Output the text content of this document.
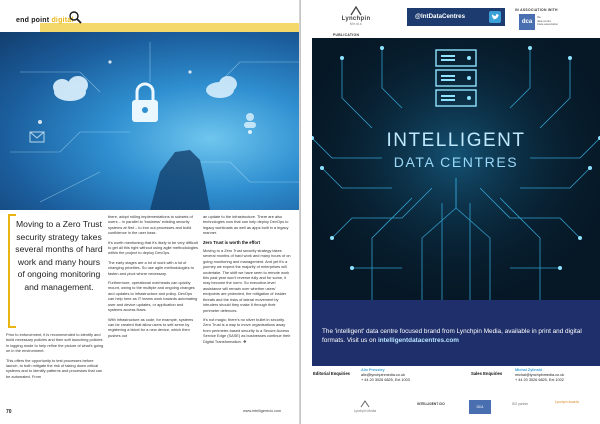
end point digital
Moving to a Zero Trust security strategy takes several months of hard work and many hours of ongoing monitoring and management.

Prior to enforcement, it is recommended to identify and build necessary policies and then soft launching policies in logging mode to help refine the picture of what's going on in the environment.

This offers the opportunity to test processes before launch, to both mitigate the risk of taking down critical systems and to identify patterns and processes that can be automated. From

there, adopt rolling implementations to subsets of users – in parallel to 'business' existing security systems at first – to iron out processes and build confidence in the user base.

It's worth mentioning that it's likely to be very difficult to get all this right without using agile methodologies within the project to deploy DevOps.

The early stages are a lot of work with a lot of changing priorities. So use agile methodologies to fasten and pivot where necessary.

Furthermore, operational overheads can quickly mount, owing to the multiple and ongoing changes and updates to infrastructure and policy. DevOps can help here as IT teams work towards automating user and device updates, or application and systems access flows.

With infrastructure as code, for example, systems can be created that allow users to self-serve by registering a ticket for a new device, which then pushes out

an update to the infrastructure. There are also technologies now that can help deploy DevOps to legacy workloads as well as apps built in a legacy manner.

Zero Trust is worth the effort

Moving to a Zero Trust security strategy takes several months of hard work and many hours of on going monitoring and management. And yet it's a journey we expect the majority of enterprises will undertake. The shift we have seen to remote work this past year won't reverse fully and for some, it may become the norm. So executive-level assistance will remain over whether users' endpoints are protected, the mitigation of Insider threats and the risks of lateral movement by intruders should they make it through their perimeter defences.

It's not magic; there's no silver bullet in security. Zero Trust is a way to move organisations away from perimeter-based security to a Secure Access Service Edge (SASE) as businesses continue their Digital Transformation. ❖

70	www.intelligentcio.com
Lynchpin
Media
PUBLICATION
@IntDataCentres
IN ASSOCIATION WITH
dca
the
data centre
trade association
INTELLIGENT
DATA CENTRES
The 'intelligent' data centre focused brand from Lynchpin Media, available in print and digital formats. Visit us on intelligentdatacentres.com
Editorial Enquiries
Alix Pressley
alix@lynchpinmedia.co.uk
+ 44 20 3026 6825, Ext 1003
Sales Enquiries
Michal Zylinski
michal@lynchpinmedia.co.uk
+ 44 20 3026 6825, Ext 1002
Lynchpin Media
INTELLIGENT CIO
DCA
ISO partner	Lynchpin Awards
